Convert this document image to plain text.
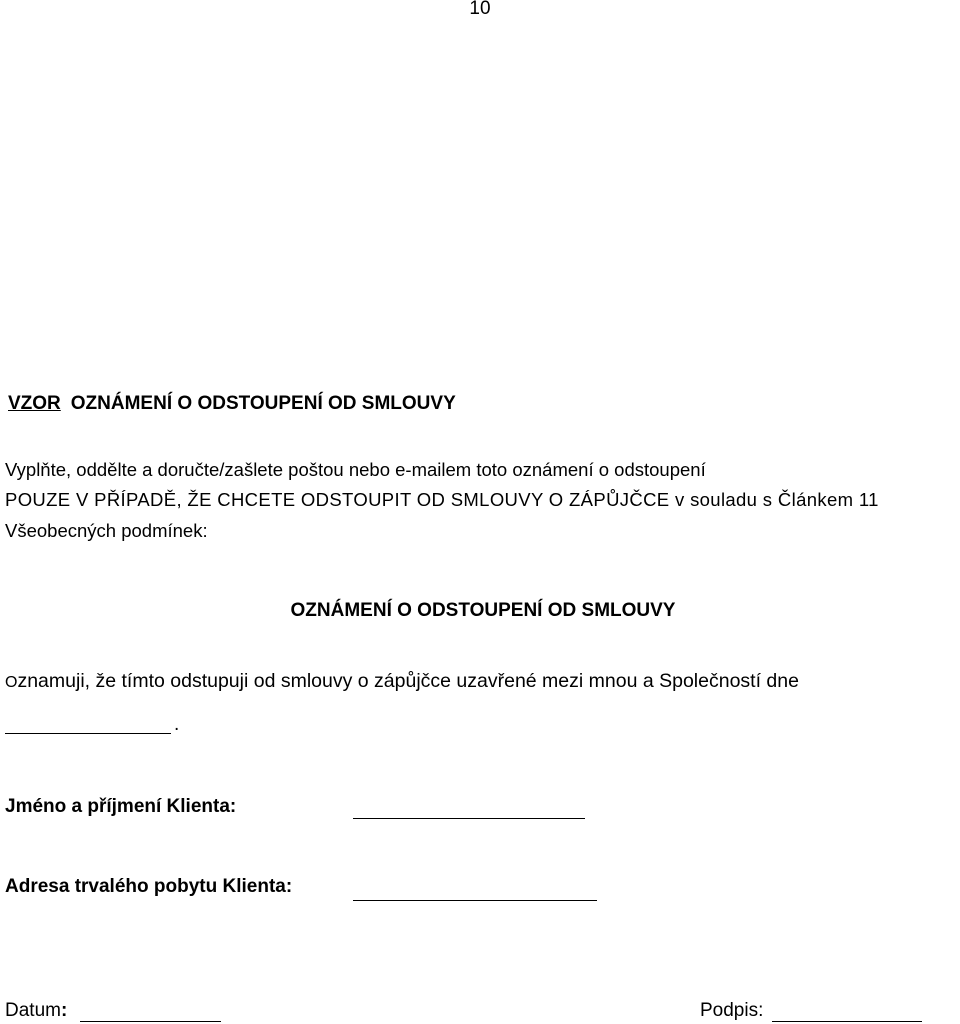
10
VZOR OZNÁMENÍ O ODSTOUPENÍ OD SMLOUVY
Vyplňte, oddělte a doručte/zašlete poštou nebo e-mailem toto oznámení o odstoupení
POUZE V PŘÍPADĚ, ŽE CHCETE ODSTOUPIT OD SMLOUVY O ZÁPŮJČCE v souladu s Článkem 11
Všeobecných podmínek:
OZNÁMENÍ O ODSTOUPENÍ OD SMLOUVY
Oznamuji, že tímto odstupuji od smlouvy o zápůjčce uzavřené mezi mnou a Společností dne
.
Jméno a příjmení Klienta:
Adresa trvalého pobytu Klienta:
Datum:	Podpis:
